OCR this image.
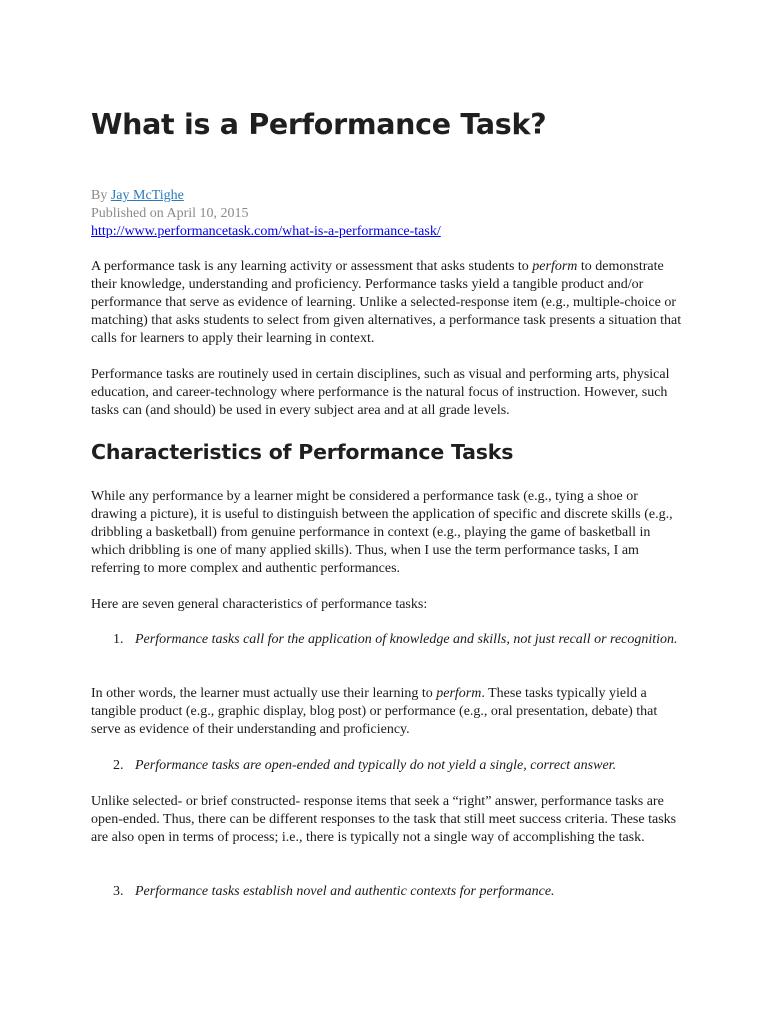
What is a Performance Task?
By Jay McTighe
Published on April 10, 2015
http://www.performancetask.com/what-is-a-performance-task/

A performance task is any learning activity or assessment that asks students to perform to demonstrate their knowledge, understanding and proficiency. Performance tasks yield a tangible product and/or performance that serve as evidence of learning. Unlike a selected-response item (e.g., multiple-choice or matching) that asks students to select from given alternatives, a performance task presents a situation that calls for learners to apply their learning in context.

Performance tasks are routinely used in certain disciplines, such as visual and performing arts, physical education, and career-technology where performance is the natural focus of instruction. However, such tasks can (and should) be used in every subject area and at all grade levels.

Characteristics of Performance Tasks

While any performance by a learner might be considered a performance task (e.g., tying a shoe or drawing a picture), it is useful to distinguish between the application of specific and discrete skills (e.g., dribbling a basketball) from genuine performance in context (e.g., playing the game of basketball in which dribbling is one of many applied skills). Thus, when I use the term performance tasks, I am referring to more complex and authentic performances.

Here are seven general characteristics of performance tasks:

1. Performance tasks call for the application of knowledge and skills, not just recall or recognition.

In other words, the learner must actually use their learning to perform. These tasks typically yield a tangible product (e.g., graphic display, blog post) or performance (e.g., oral presentation, debate) that serve as evidence of their understanding and proficiency.

2. Performance tasks are open-ended and typically do not yield a single, correct answer.

Unlike selected- or brief constructed- response items that seek a “right” answer, performance tasks are open-ended. Thus, there can be different responses to the task that still meet success criteria. These tasks are also open in terms of process; i.e., there is typically not a single way of accomplishing the task.

3. Performance tasks establish novel and authentic contexts for performance.
